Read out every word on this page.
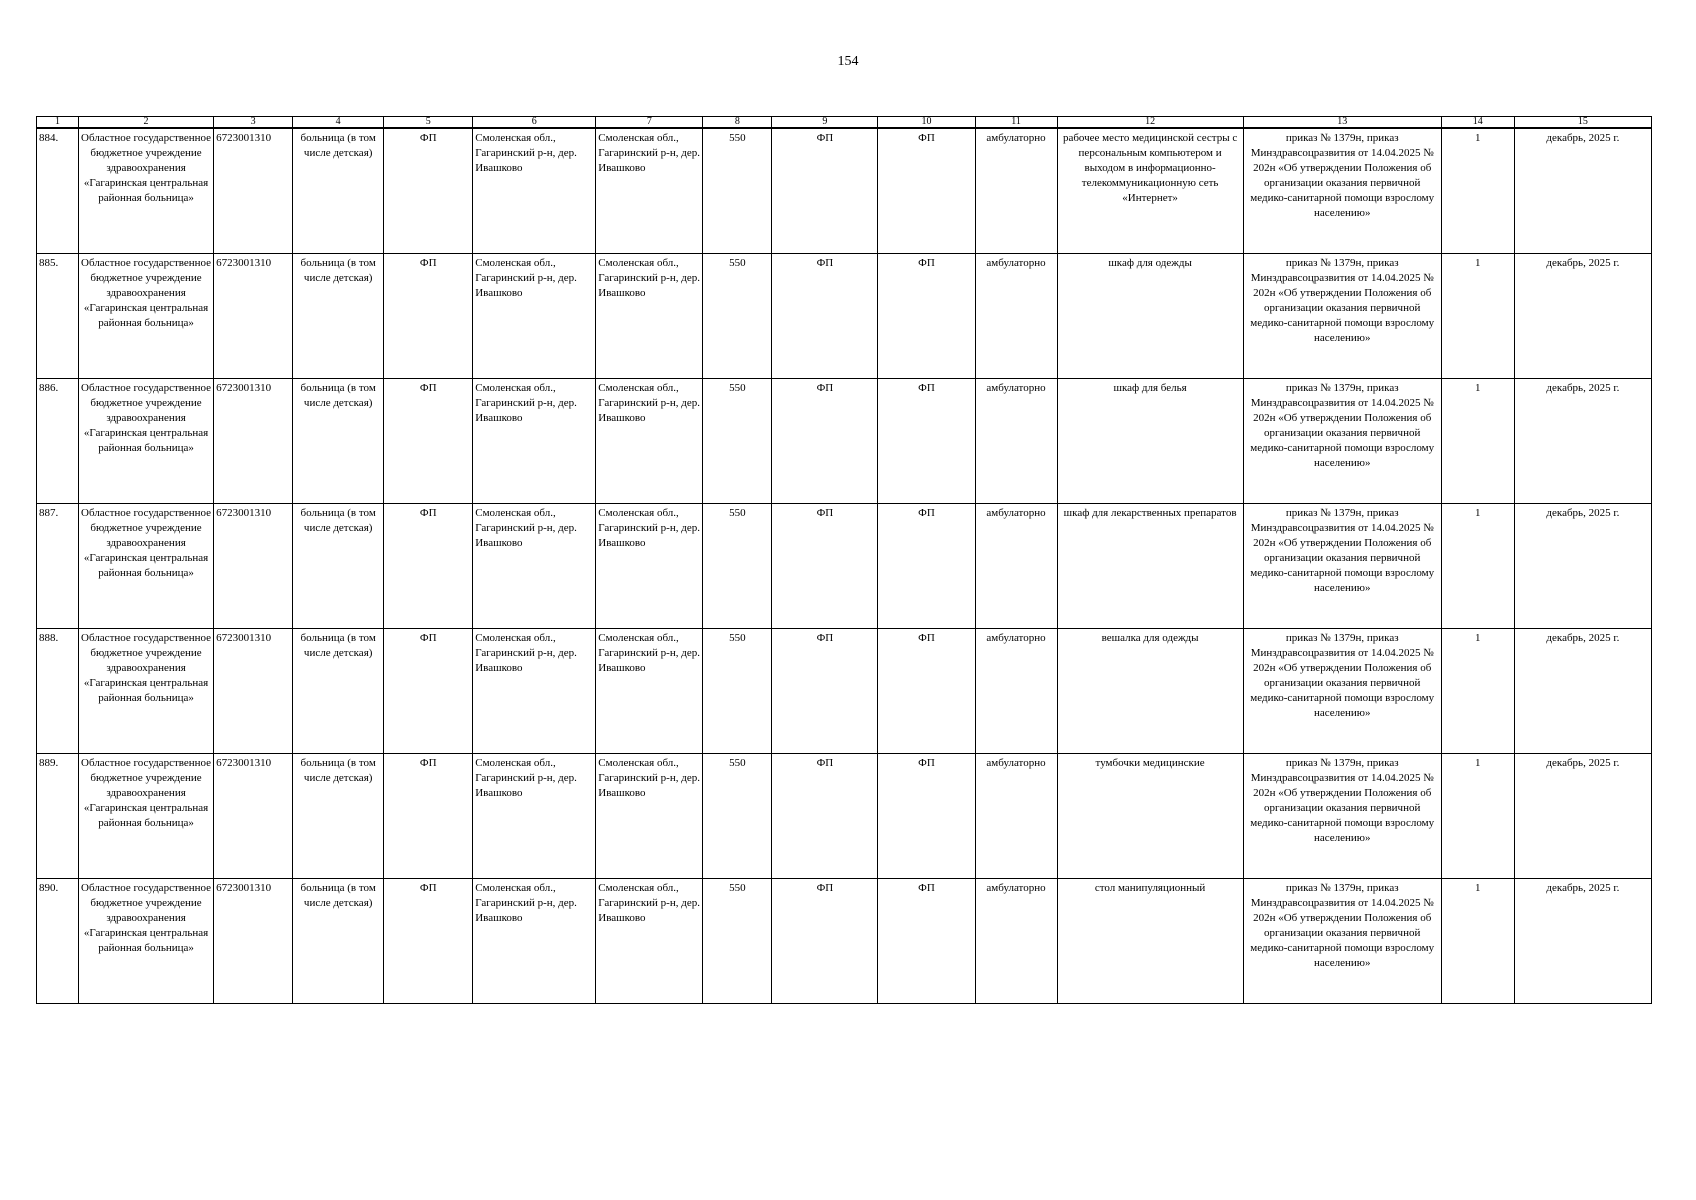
154
1	2	3	4	5	6	7	8	9	10	11	12	13	14	15
884.	Областное государственное бюджетное учреждение здравоохранения «Гагаринская центральная районная больница»	6723001310	больница (в том числе детская)	ФП	Смоленская обл., Гагаринский р-н, дер. Ивашково	Смоленская обл., Гагаринский р-н, дер. Ивашково	550	ФП	ФП	амбулаторно	рабочее место медицинской сестры с персональным компьютером и выходом в информационно-телекоммуникационную сеть «Интернет»	приказ № 1379н, приказ Минздравсоцразвития от 14.04.2025 № 202н «Об утверждении Положения об организации оказания первичной медико-санитарной помощи взрослому населению»	1	декабрь, 2025 г.
885.	Областное государственное бюджетное учреждение здравоохранения «Гагаринская центральная районная больница»	6723001310	больница (в том числе детская)	ФП	Смоленская обл., Гагаринский р-н, дер. Ивашково	Смоленская обл., Гагаринский р-н, дер. Ивашково	550	ФП	ФП	амбулаторно	шкаф для одежды	приказ № 1379н, приказ Минздравсоцразвития от 14.04.2025 № 202н «Об утверждении Положения об организации оказания первичной медико-санитарной помощи взрослому населению»	1	декабрь, 2025 г.
886.	Областное государственное бюджетное учреждение здравоохранения «Гагаринская центральная районная больница»	6723001310	больница (в том числе детская)	ФП	Смоленская обл., Гагаринский р-н, дер. Ивашково	Смоленская обл., Гагаринский р-н, дер. Ивашково	550	ФП	ФП	амбулаторно	шкаф для белья	приказ № 1379н, приказ Минздравсоцразвития от 14.04.2025 № 202н «Об утверждении Положения об организации оказания первичной медико-санитарной помощи взрослому населению»	1	декабрь, 2025 г.
887.	Областное государственное бюджетное учреждение здравоохранения «Гагаринская центральная районная больница»	6723001310	больница (в том числе детская)	ФП	Смоленская обл., Гагаринский р-н, дер. Ивашково	Смоленская обл., Гагаринский р-н, дер. Ивашково	550	ФП	ФП	амбулаторно	шкаф для лекарственных препаратов	приказ № 1379н, приказ Минздравсоцразвития от 14.04.2025 № 202н «Об утверждении Положения об организации оказания первичной медико-санитарной помощи взрослому населению»	1	декабрь, 2025 г.
888.	Областное государственное бюджетное учреждение здравоохранения «Гагаринская центральная районная больница»	6723001310	больница (в том числе детская)	ФП	Смоленская обл., Гагаринский р-н, дер. Ивашково	Смоленская обл., Гагаринский р-н, дер. Ивашково	550	ФП	ФП	амбулаторно	вешалка для одежды	приказ № 1379н, приказ Минздравсоцразвития от 14.04.2025 № 202н «Об утверждении Положения об организации оказания первичной медико-санитарной помощи взрослому населению»	1	декабрь, 2025 г.
889.	Областное государственное бюджетное учреждение здравоохранения «Гагаринская центральная районная больница»	6723001310	больница (в том числе детская)	ФП	Смоленская обл., Гагаринский р-н, дер. Ивашково	Смоленская обл., Гагаринский р-н, дер. Ивашково	550	ФП	ФП	амбулаторно	тумбочки медицинские	приказ № 1379н, приказ Минздравсоцразвития от 14.04.2025 № 202н «Об утверждении Положения об организации оказания первичной медико-санитарной помощи взрослому населению»	1	декабрь, 2025 г.
890.	Областное государственное бюджетное учреждение здравоохранения «Гагаринская центральная районная больница»	6723001310	больница (в том числе детская)	ФП	Смоленская обл., Гагаринский р-н, дер. Ивашково	Смоленская обл., Гагаринский р-н, дер. Ивашково	550	ФП	ФП	амбулаторно	стол манипуляционный	приказ № 1379н, приказ Минздравсоцразвития от 14.04.2025 № 202н «Об утверждении Положения об организации оказания первичной медико-санитарной помощи взрослому населению»	1	декабрь, 2025 г.
